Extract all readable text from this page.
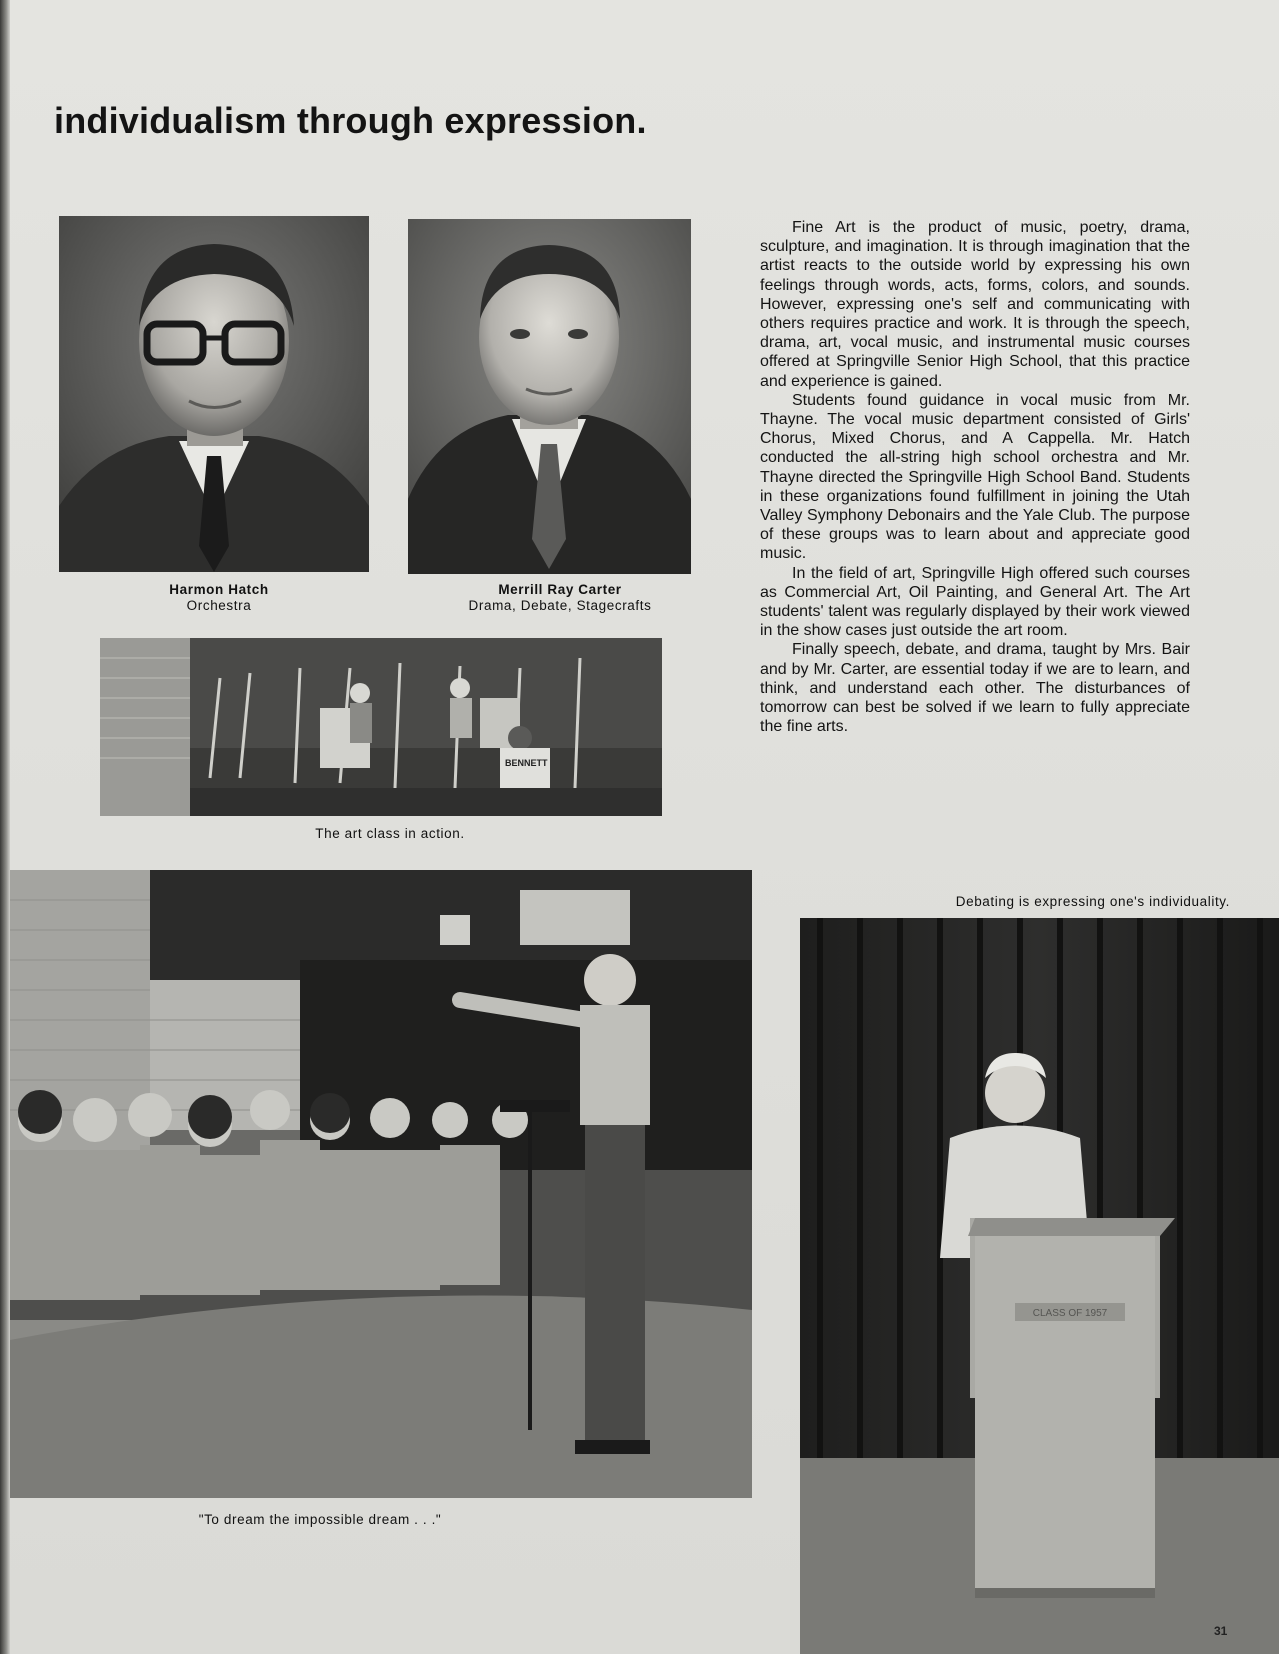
individualism through expression.
Harmon Hatch
Orchestra
Merrill Ray Carter
Drama, Debate, Stagecrafts
BENNETT
The art class in action.

Fine Art is the product of music, poetry, drama, sculpture, and imagination. It is through imagination that the artist reacts to the outside world by expressing his own feelings through words, acts, forms, colors, and sounds. However, expressing one's self and communicating with others requires practice and work. It is through the speech, drama, art, vocal music, and instrumental music courses offered at Springville Senior High School, that this practice and experience is gained.

Students found guidance in vocal music from Mr. Thayne. The vocal music department consisted of Girls' Chorus, Mixed Chorus, and A Cappella. Mr. Hatch conducted the all-string high school orchestra and Mr. Thayne directed the Springville High School Band. Students in these organizations found fulfillment in joining the Utah Valley Symphony Debonairs and the Yale Club. The purpose of these groups was to learn about and appreciate good music.

In the field of art, Springville High offered such courses as Commercial Art, Oil Painting, and General Art. The Art students' talent was regularly displayed by their work viewed in the show cases just outside the art room.

Finally speech, debate, and drama, taught by Mrs. Bair and by Mr. Carter, are essential today if we are to learn, and think, and understand each other. The disturbances of tomorrow can best be solved if we learn to fully appreciate the fine arts.

"To dream the impossible dream . . ."
Debating is expressing one's individuality.
CLASS OF 1957
31
